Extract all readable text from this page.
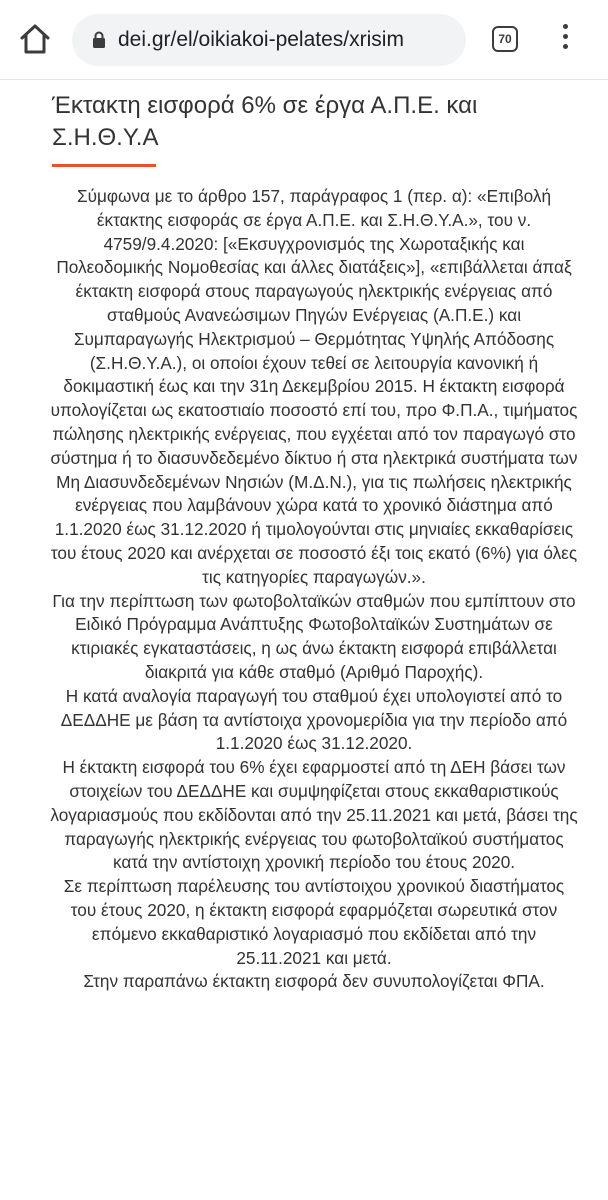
dei.gr/el/oikiakoi-pelates/xrisim	70
Έκτακτη εισφορά 6% σε έργα Α.Π.Ε. και Σ.Η.Θ.Υ.Α

Σύμφωνα με το άρθρο 157, παράγραφος 1 (περ. α): «Επιβολή έκτακτης εισφοράς σε έργα Α.Π.Ε. και Σ.Η.Θ.Υ.Α.», του ν. 4759/9.4.2020: [«Εκσυγχρονισμός της Χωροταξικής και Πολεοδομικής Νομοθεσίας και άλλες διατάξεις»], «επιβάλλεται άπαξ έκτακτη εισφορά στους παραγωγούς ηλεκτρικής ενέργειας από σταθμούς Ανανεώσιμων Πηγών Ενέργειας (Α.Π.Ε.) και Συμπαραγωγής Ηλεκτρισμού – Θερμότητας Υψηλής Απόδοσης (Σ.Η.Θ.Υ.Α.), οι οποίοι έχουν τεθεί σε λειτουργία κανονική ή δοκιμαστική έως και την 31η Δεκεμβρίου 2015. Η έκτακτη εισφορά υπολογίζεται ως εκατοστιαίο ποσοστό επί του, προ Φ.Π.Α., τιμήματος πώλησης ηλεκτρικής ενέργειας, που εγχέεται από τον παραγωγό στο σύστημα ή το διασυνδεδεμένο δίκτυο ή στα ηλεκτρικά συστήματα των Μη Διασυνδεδεμένων Νησιών (Μ.Δ.Ν.), για τις πωλήσεις ηλεκτρικής ενέργειας που λαμβάνουν χώρα κατά το χρονικό διάστημα από 1.1.2020 έως 31.12.2020 ή τιμολογούνται στις μηνιαίες εκκαθαρίσεις του έτους 2020 και ανέρχεται σε ποσοστό έξι τοις εκατό (6%) για όλες τις κατηγορίες παραγωγών.».

Για την περίπτωση των φωτοβολταϊκών σταθμών που εμπίπτουν στο Ειδικό Πρόγραμμα Ανάπτυξης Φωτοβολταϊκών Συστημάτων σε κτιριακές εγκαταστάσεις, η ως άνω έκτακτη εισφορά επιβάλλεται διακριτά για κάθε σταθμό (Αριθμό Παροχής).

Η κατά αναλογία παραγωγή του σταθμού έχει υπολογιστεί από το ΔΕΔΔΗΕ με βάση τα αντίστοιχα χρονομερίδια για την περίοδο από 1.1.2020 έως 31.12.2020.

Η έκτακτη εισφορά του 6% έχει εφαρμοστεί από τη ΔΕΗ βάσει των στοιχείων του ΔΕΔΔΗΕ και συμψηφίζεται στους εκκαθαριστικούς λογαριασμούς που εκδίδονται από την 25.11.2021 και μετά, βάσει της παραγωγής ηλεκτρικής ενέργειας του φωτοβολταϊκού συστήματος κατά την αντίστοιχη χρονική περίοδο του έτους 2020.

Σε περίπτωση παρέλευσης του αντίστοιχου χρονικού διαστήματος του έτους 2020, η έκτακτη εισφορά εφαρμόζεται σωρευτικά στον επόμενο εκκαθαριστικό λογαριασμό που εκδίδεται από την 25.11.2021 και μετά.

Στην παραπάνω έκτακτη εισφορά δεν συνυπολογίζεται ΦΠΑ.
